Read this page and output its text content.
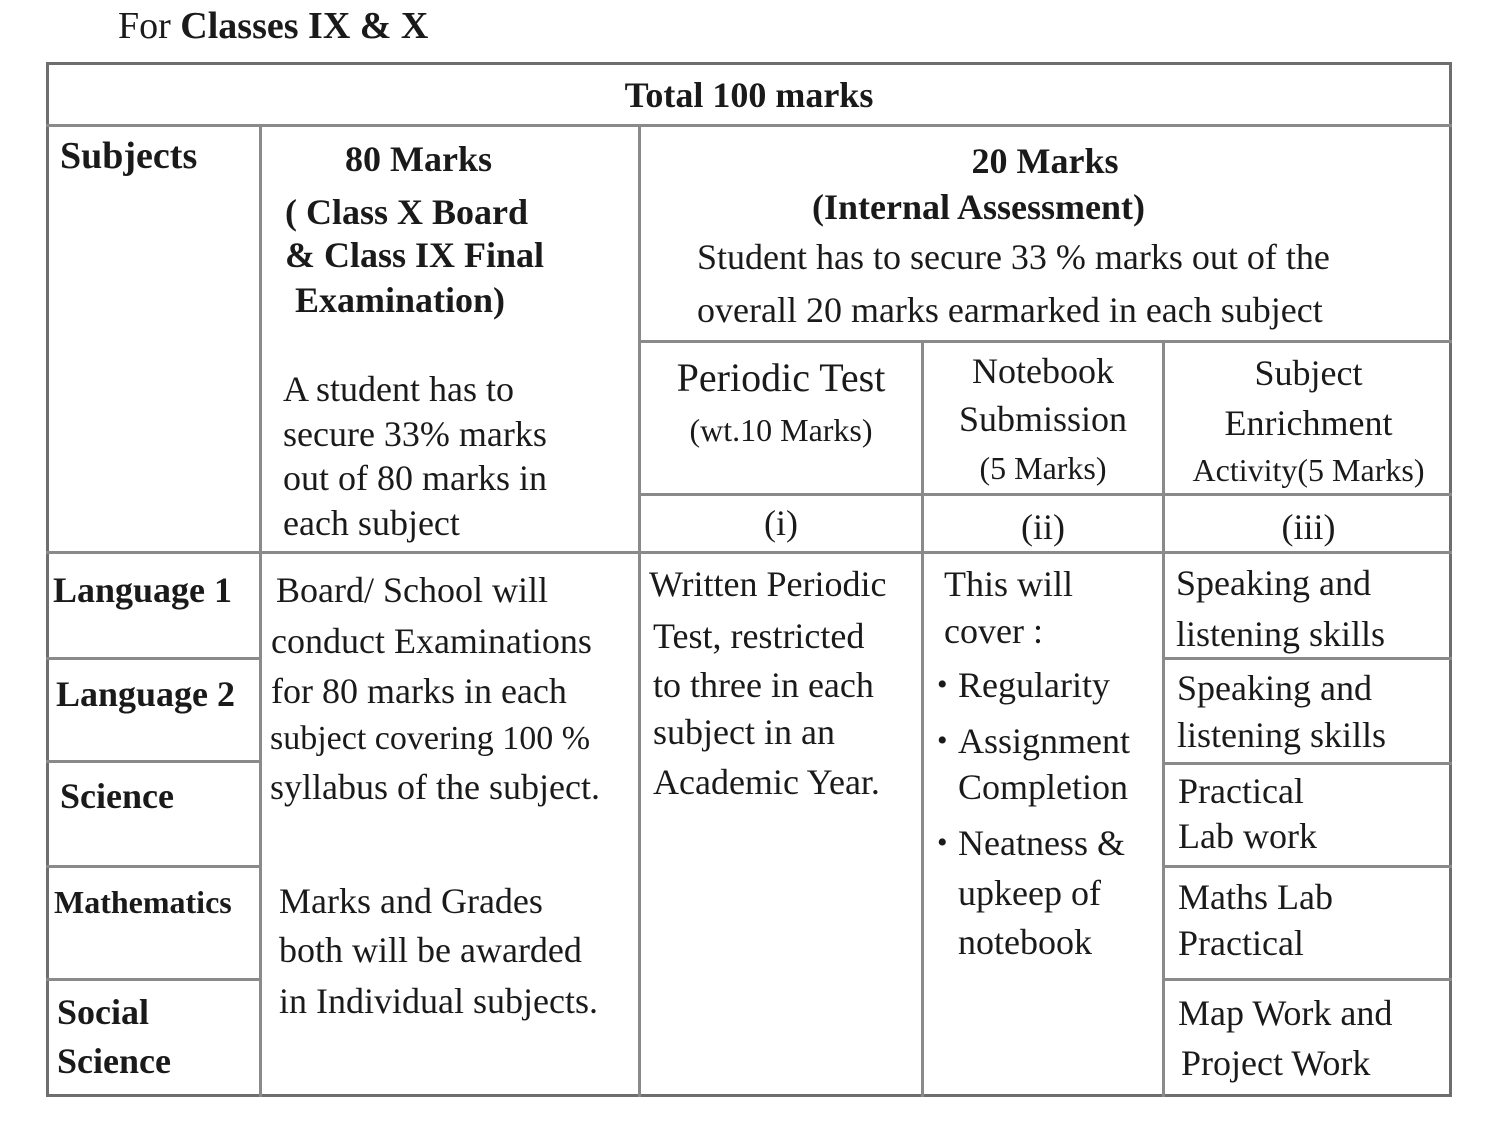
For Classes IX & X
Total 100 marks
Subjects	80 Marks
( Class X Board
& Class IX Final
Examination)
A student has to
secure 33% marks
out of 80 marks in
each subject
20 Marks
(Internal Assessment)
Student has to secure 33 % marks out of the
overall 20 marks earmarked in each subject
Periodic Test
(wt.10 Marks)
(i)
Notebook
Submission
(5 Marks)
(ii)
Subject
Enrichment
Activity(5 Marks)
(iii)
Language 1
Language 2
Science
Mathematics
Social
Science
Board/ School will
conduct Examinations
for 80 marks in each
subject covering 100 %
syllabus of the subject.
Marks and Grades
both will be awarded
in Individual subjects.
Written Periodic
Test, restricted
to three in each
subject in an
Academic Year.
This will
cover :
• Regularity
• Assignment
Completion
• Neatness &
upkeep of
notebook
Speaking and
listening skills
Speaking and
listening skills
Practical
Lab work
Maths Lab
Practical
Map Work and
Project Work
